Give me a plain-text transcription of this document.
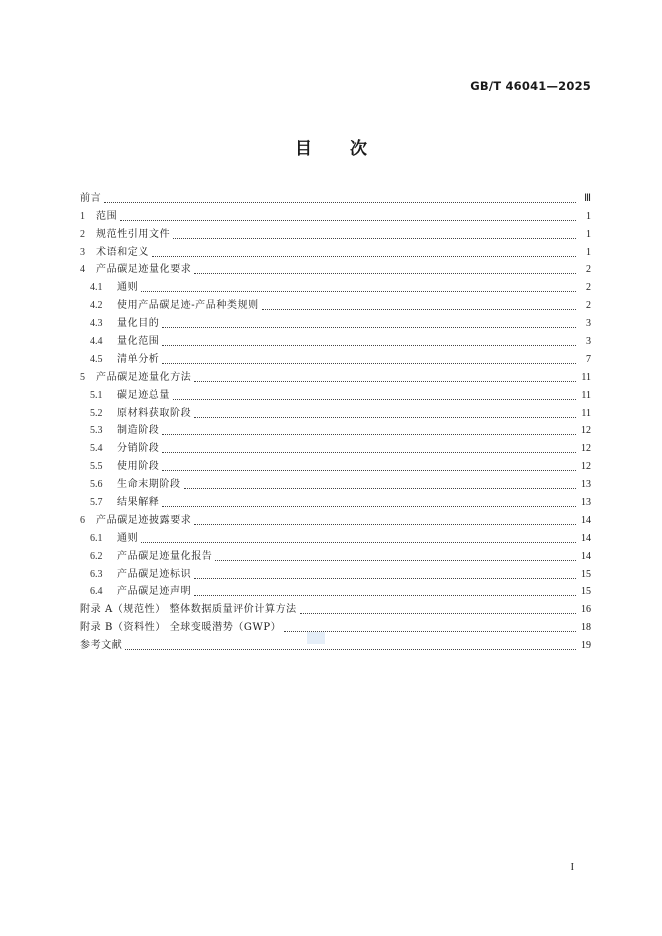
GB/T 46041—2025
目次
前言	Ⅲ
1	范围	1
2	规范性引用文件	1
3	术语和定义	1
4	产品碳足迹量化要求	2
4.1	通则	2
4.2	使用产品碳足迹-产品种类规则	2
4.3	量化目的	3
4.4	量化范围	3
4.5	清单分析	7
5	产品碳足迹量化方法	11
5.1	碳足迹总量	11
5.2	原材料获取阶段	11
5.3	制造阶段	12
5.4	分销阶段	12
5.5	使用阶段	12
5.6	生命末期阶段	13
5.7	结果解释	13
6	产品碳足迹披露要求	14
6.1	通则	14
6.2	产品碳足迹量化报告	14
6.3	产品碳足迹标识	15
6.4	产品碳足迹声明	15
附录 A（规范性） 整体数据质量评价计算方法	16
附录 B（资料性） 全球变暖潜势（GWP）	18
参考文献	19
I
